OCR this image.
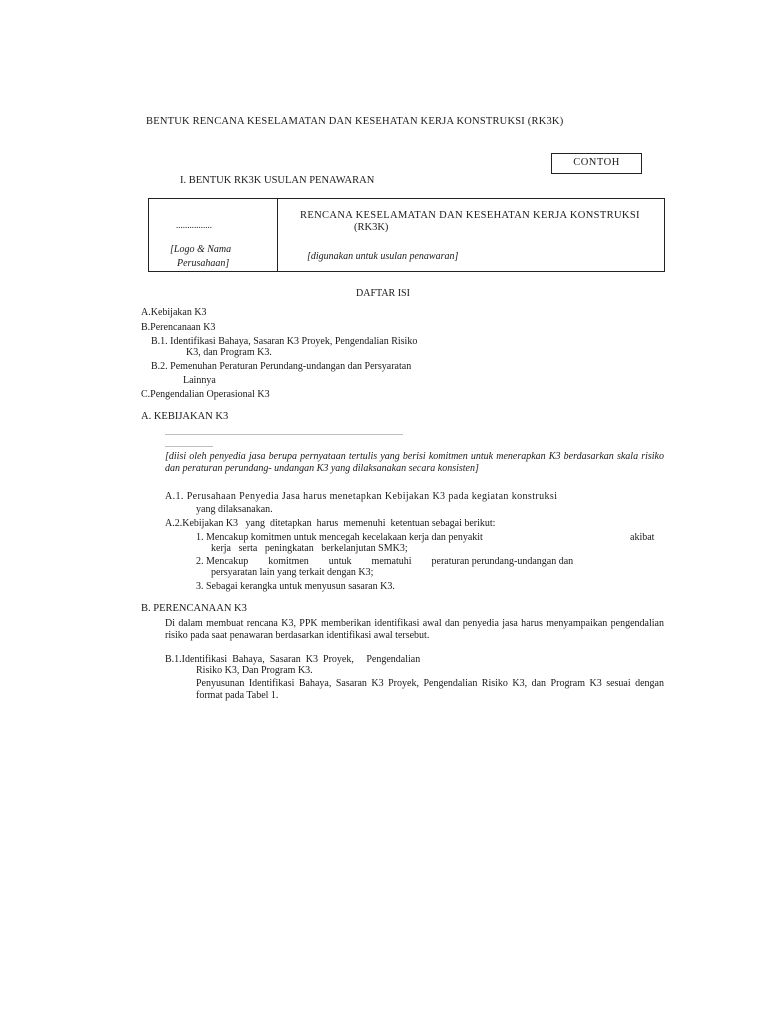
BENTUK RENCANA KESELAMATAN DAN KESEHATAN KERJA KONSTRUKSI (RK3K)
CONTOH
I. BENTUK RK3K USULAN PENAWARAN
................
[Logo & Nama
Perusahaan]
RENCANA KESELAMATAN DAN KESEHATAN KERJA KONSTRUKSI
(RK3K)
[digunakan untuk usulan penawaran]
DAFTAR ISI
A.Kebijakan K3
B.Perencanaan K3
B.1. Identifikasi Bahaya, Sasaran K3 Proyek, Pengendalian Risiko
K3, dan Program K3.
B.2. Pemenuhan Peraturan Perundang-undangan dan Persyaratan
Lainnya
C.Pengendalian Operasional K3
A. KEBIJAKAN K3
.......................................................................................................................
........................
[diisi oleh penyedia jasa berupa pernyataan tertulis yang berisi komitmen untuk menerapkan K3 berdasarkan skala risiko dan peraturan perundang- undangan K3 yang dilaksanakan secara konsisten]
A.1. Perusahaan Penyedia Jasa harus menetapkan Kebijakan K3 pada kegiatan konstruksi
yang dilaksanakan.
A.2.Kebijakan K3   yang  ditetapkan  harus  memenuhi  ketentuan sebagai berikut:
1. Mencakup komitmen untuk mencegah kecelakaan kerja dan penyakit	akibat
kerja   serta   peningkatan   berkelanjutan SMK3;
2. Mencakup        komitmen        untuk        mematuhi        peraturan perundang-undangan dan
persyaratan lain yang terkait dengan K3;
3. Sebagai kerangka untuk menyusun sasaran K3.
B. PERENCANAAN K3
Di dalam membuat rencana K3, PPK memberikan identifikasi awal dan penyedia jasa harus menyampaikan pengendalian risiko pada saat penawaran berdasarkan identifikasi awal tersebut.
B.1.Identifikasi  Bahaya,  Sasaran  K3  Proyek,     Pengendalian
Risiko K3, Dan Program K3.
Penyusunan Identifikasi Bahaya, Sasaran K3 Proyek, Pengendalian Risiko K3, dan Program K3 sesuai dengan format pada Tabel 1.
